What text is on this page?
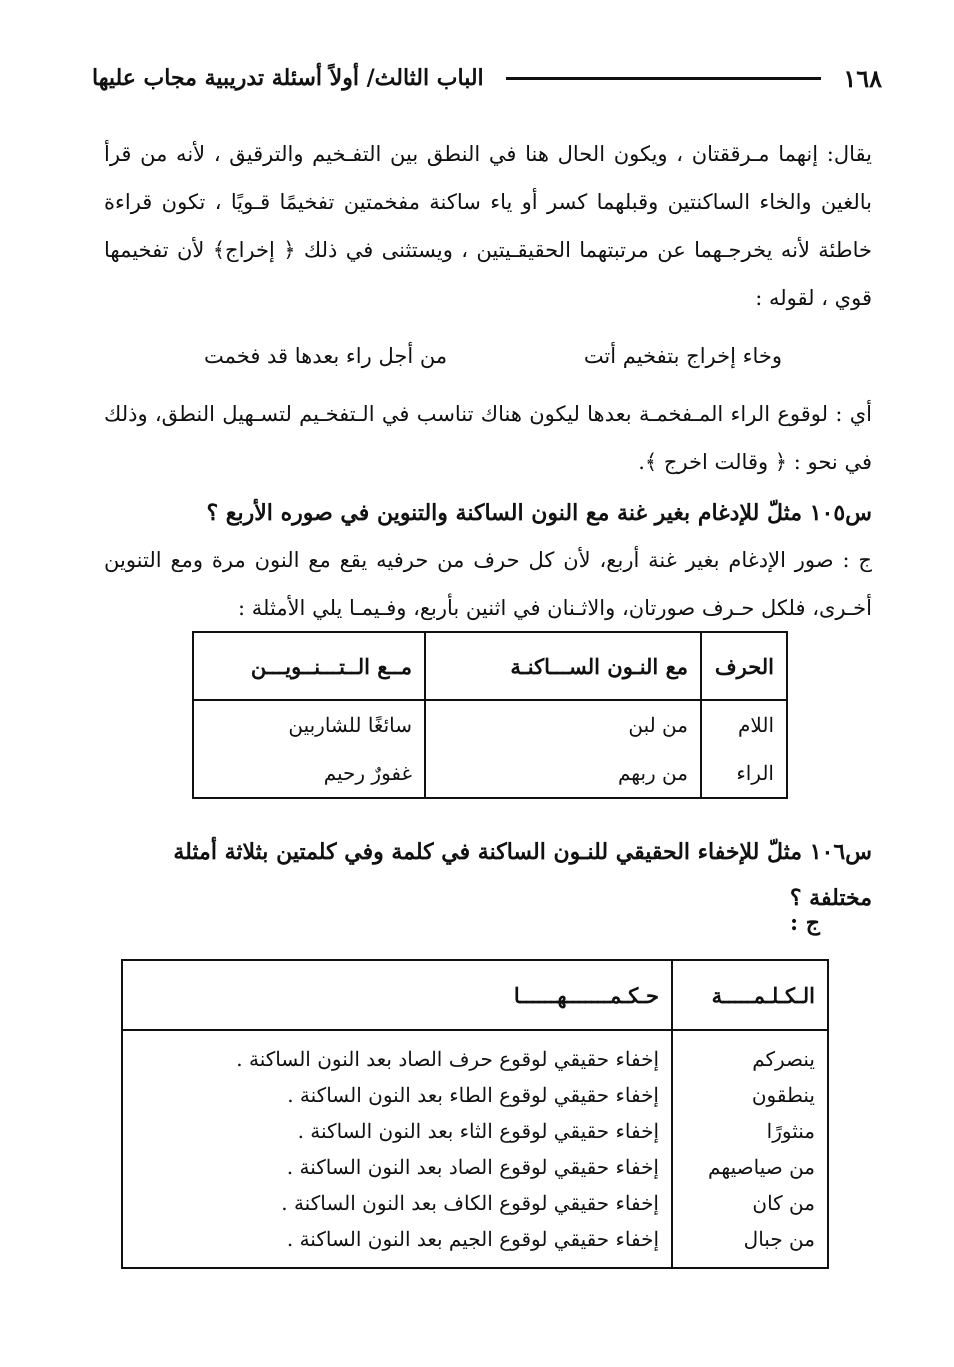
١٦٨
الباب الثالث/ أولاً أسئلة تدريبية مجاب عليها

يقال: إنهما مـرققتان ، ويكون الحال هنا في النطق بين التفـخيم والترقيق ، لأنه من قرأ بالغين والخاء الساكنتين وقبلهما كسر أو ياء ساكنة مفخمتين تفخيمًا قـويًا ، تكون قراءة خاطئة لأنه يخرجـهما عن مرتبتهما الحقيقـيتين ، ويستثنى في ذلك ﴿ إخراج﴾ لأن تفخيمها قوي ، لقوله :

وخاء إخراج بتفخيم أتت
من أجل راء بعدها قد فخمت

أي : لوقوع الراء المـفخمـة بعدها ليكون هناك تناسب في الـتفخـيم لتسـهيل النطق، وذلك في نحو : ﴿ وقالت اخرج ﴾.

س١٠٥ مثلّ للإدغام بغير غنة مع النون الساكنة والتنوين في صوره الأربع ؟

ج : صور الإدغام بغير غنة أربع، لأن كل حرف من حرفيه يقع مع النون مرة ومع التنوين أخـرى، فلكل حـرف صورتان، والاثـنان في اثنين بأربع، وفـيمـا يلي الأمثلة :

الحرف	مع النـون الســـاكنـة	مــع الــتـــنــويـــن
اللام	من لبن	سائغًا للشاربين
الراء	من ربهم	غفورٌ رحيم

س١٠٦ مثلّ للإخفاء الحقيقي للنـون الساكنة في كلمة وفي كلمتين بثلاثة أمثلة مختلفة ؟

ج :
الـكـلـمـــــة	حـكـمـــــــهــــــا
ينصركم	إخفاء حقيقي لوقوع حرف الصاد بعد النون الساكنة .
ينطقون	إخفاء حقيقي لوقوع الطاء بعد النون الساكنة .
منثورًا	إخفاء حقيقي لوقوع الثاء بعد النون الساكنة .
من صياصيهم	إخفاء حقيقي لوقوع الصاد بعد النون الساكنة .
من كان	إخفاء حقيقي لوقوع الكاف بعد النون الساكنة .
من جبال	إخفاء حقيقي لوقوع الجيم بعد النون الساكنة .
